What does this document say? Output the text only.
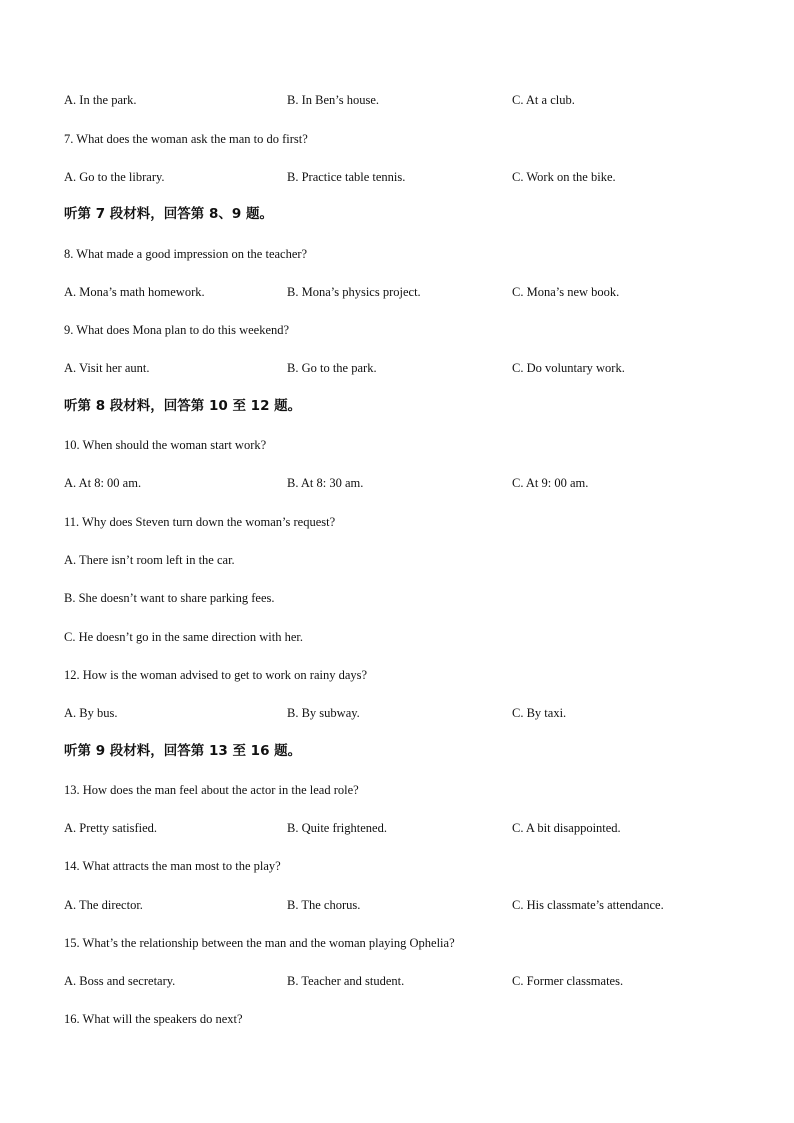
A. In the park.	B. In Ben’s house.	C. At a club.
7. What does the woman ask the man to do first?
A. Go to the library.	B. Practice table tennis.	C. Work on the bike.
听第 7 段材料，回答第 8、9 题。
8. What made a good impression on the teacher?
A. Mona’s math homework.	B. Mona’s physics project.	C. Mona’s new book.
9. What does Mona plan to do this weekend?
A. Visit her aunt.	B. Go to the park.	C. Do voluntary work.
听第 8 段材料，回答第 10 至 12 题。
10. When should the woman start work?
A. At 8: 00 am.	B. At 8: 30 am.	C. At 9: 00 am.
11. Why does Steven turn down the woman’s request?
A. There isn’t room left in the car.
B. She doesn’t want to share parking fees.
C. He doesn’t go in the same direction with her.
12. How is the woman advised to get to work on rainy days?
A. By bus.	B. By subway.	C. By taxi.
听第 9 段材料，回答第 13 至 16 题。
13. How does the man feel about the actor in the lead role?
A. Pretty satisfied.	B. Quite frightened.	C. A bit disappointed.
14. What attracts the man most to the play?
A. The director.	B. The chorus.	C. His classmate’s attendance.
15. What’s the relationship between the man and the woman playing Ophelia?
A. Boss and secretary.	B. Teacher and student.	C. Former classmates.
16. What will the speakers do next?
